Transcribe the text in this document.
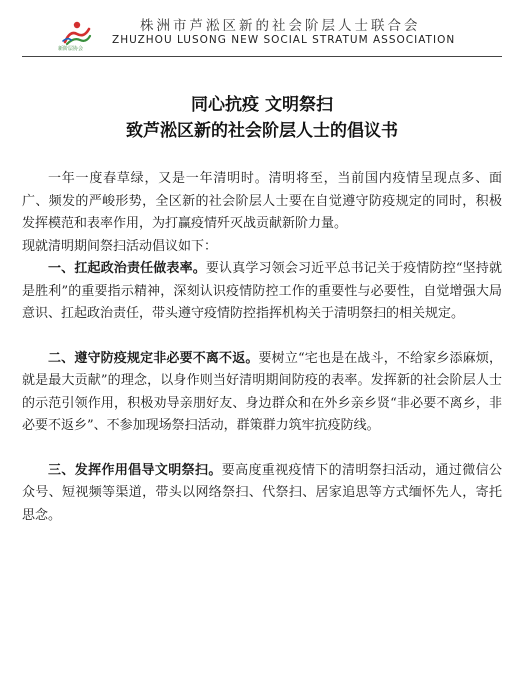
新阶层协会
株洲市芦淞区新的社会阶层人士联合会
ZHUZHOU LUSONG NEW SOCIAL STRATUM ASSOCIATION
同心抗疫 文明祭扫
致芦淞区新的社会阶层人士的倡议书

一年一度春草绿，又是一年清明时。清明将至，当前国内疫情呈现点多、面广、频发的严峻形势，全区新的社会阶层人士要在自觉遵守防疫规定的同时，积极发挥模范和表率作用，为打赢疫情歼灭战贡献新阶力量。

现就清明期间祭扫活动倡议如下：

一、扛起政治责任做表率。要认真学习领会习近平总书记关于疫情防控“坚持就是胜利”的重要指示精神，深刻认识疫情防控工作的重要性与必要性，自觉增强大局意识、扛起政治责任，带头遵守疫情防控指挥机构关于清明祭扫的相关规定。

二、遵守防疫规定非必要不离不返。要树立“宅也是在战斗，不给家乡添麻烦，就是最大贡献”的理念，以身作则当好清明期间防疫的表率。发挥新的社会阶层人士的示范引领作用，积极劝导亲朋好友、身边群众和在外乡亲乡贤“非必要不离乡，非必要不返乡”、不参加现场祭扫活动，群策群力筑牢抗疫防线。

三、发挥作用倡导文明祭扫。要高度重视疫情下的清明祭扫活动，通过微信公众号、短视频等渠道，带头以网络祭扫、代祭扫、居家追思等方式缅怀先人，寄托思念。
